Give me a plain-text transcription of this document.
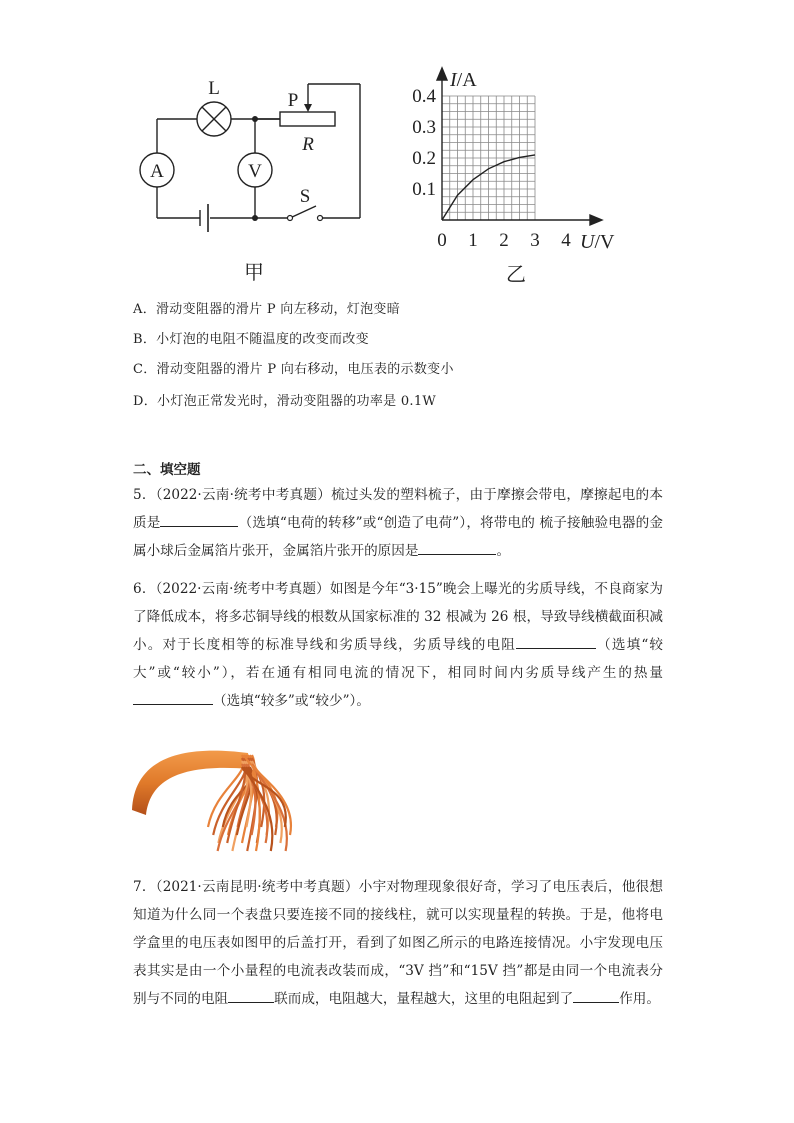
A	V
L
P
R
S
甲
0.4
0.3
0.2
0.1
0 1 2 3 4
I/A
U/V
乙
A．滑动变阻器的滑片 P 向左移动，灯泡变暗
B．小灯泡的电阻不随温度的改变而改变
C．滑动变阻器的滑片 P 向右移动，电压表的示数变小
D．小灯泡正常发光时，滑动变阻器的功率是 0.1W
二、填空题
5．（2022·云南·统考中考真题）梳过头发的塑料梳子，由于摩擦会带电，摩擦起电的本质是	（选填“电荷的转移”或“创造了电荷”），将带电的 梳子接触验电器的金属小球后金属箔片张开，金属箔片张开的原因是	。
6．（2022·云南·统考中考真题）如图是今年“3·15”晚会上曝光的劣质导线，不良商家为了降低成本，将多芯铜导线的根数从国家标准的 32 根减为 26 根，导致导线横截面积减小。对于长度相等的标准导线和劣质导线，劣质导线的电阻	（选填“较大”或“较小”），若在通有相同电流的情况下，相同时间内劣质导线产生的热量（选填“较多”或“较少”）。
7．（2021·云南昆明·统考中考真题）小宇对物理现象很好奇，学习了电压表后，他很想知道为什么同一个表盘只要连接不同的接线柱，就可以实现量程的转换。于是，他将电学盒里的电压表如图甲的后盖打开，看到了如图乙所示的电路连接情况。小宇发现电压表其实是由一个小量程的电流表改装而成，“3V 挡”和“15V 挡”都是由同一个电流表分别与不同的电阻	联而成，电阻越大，量程越大，这里的电阻起到了	作用。
